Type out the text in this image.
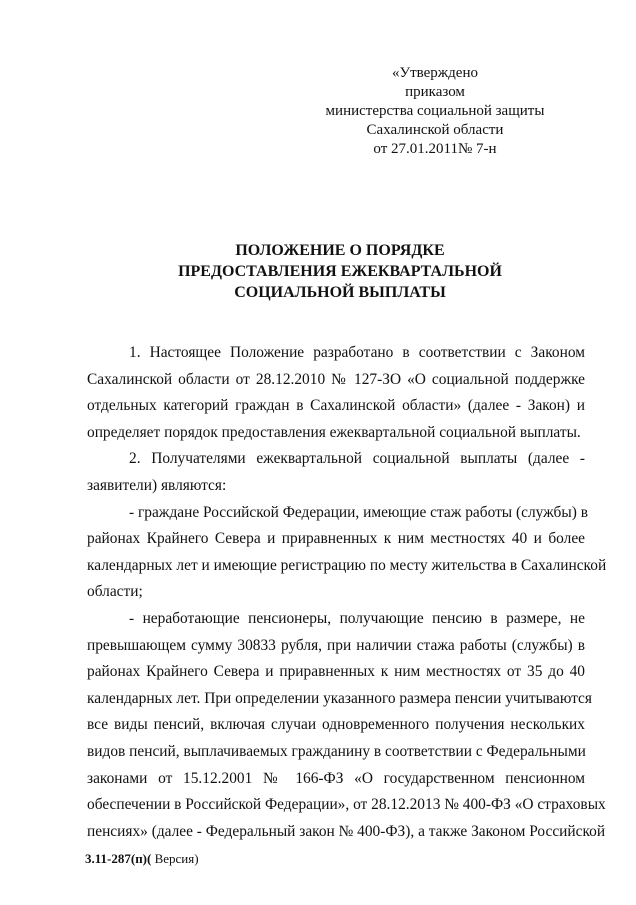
«Утверждено
приказом
министерства социальной защиты
Сахалинской области
от 27.01.2011№ 7-н
ПОЛОЖЕНИЕ О ПОРЯДКЕ
ПРЕДОСТАВЛЕНИЯ ЕЖЕКВАРТАЛЬНОЙ
СОЦИАЛЬНОЙ ВЫПЛАТЫ

1. Настоящее Положение разработано в соответствии с Законом
Сахалинской области от 28.12.2010 № 127-ЗО «О социальной поддержке
отдельных категорий граждан в Сахалинской области» (далее - Закон) и
определяет порядок предоставления ежеквартальной социальной выплаты.

2. Получателями ежеквартальной социальной выплаты (далее -
заявители) являются:

- граждане Российской Федерации, имеющие стаж работы (службы) в
районах Крайнего Севера и приравненных к ним местностях 40 и более
календарных лет и имеющие регистрацию по месту жительства в Сахалинской
области;

- неработающие пенсионеры, получающие пенсию в размере, не
превышающем сумму 30833 рубля, при наличии стажа работы (службы) в
районах Крайнего Севера и приравненных к ним местностях от 35 до 40
календарных лет. При определении указанного размера пенсии учитываются
все виды пенсий, включая случаи одновременного получения нескольких
видов пенсий, выплачиваемых гражданину в соответствии с Федеральными
законами от 15.12.2001 № 166-ФЗ «О государственном пенсионном
обеспечении в Российской Федерации», от 28.12.2013 № 400-ФЗ «О страховых
пенсиях» (далее - Федеральный закон № 400-ФЗ), а также Законом Российской

3.11-287(п)( Версия)
